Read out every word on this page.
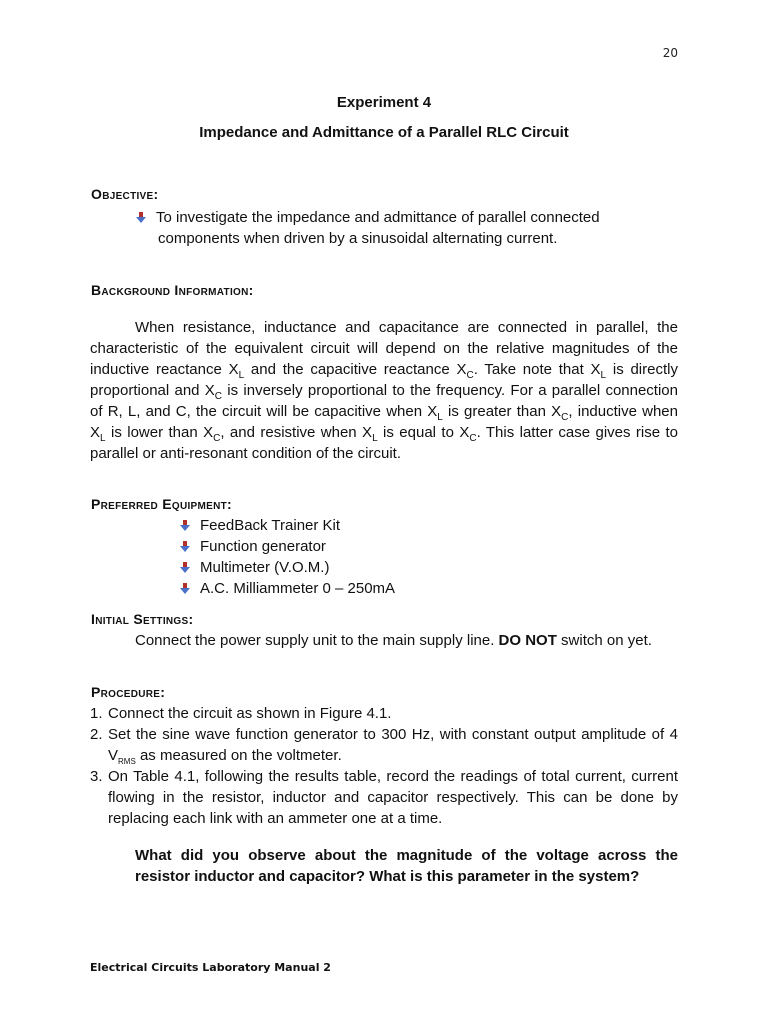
20
Experiment 4
Impedance and Admittance of a Parallel RLC Circuit
Objective:
To investigate the impedance and admittance of parallel connected
components when driven by a sinusoidal alternating current.
Background Information:
When resistance, inductance and capacitance are connected in parallel, the characteristic of the equivalent circuit will depend on the relative magnitudes of the inductive reactance $X_L$ and the capacitive reactance $X_C$. Take note that $X_L$ is directly proportional and $X_C$ is inversely proportional to the frequency. For a parallel connection of R, L, and C, the circuit will be capacitive when $X_L$ is greater than $X_C$, inductive when $X_L$ is lower than $X_C$, and resistive when $X_L$ is equal to $X_C$. This latter case gives rise to parallel or anti-resonant condition of the circuit.
Preferred Equipment:
FeedBack Trainer Kit
Function generator
Multimeter (V.O.M.)
A.C. Milliammeter 0 – 250mA
Initial Settings:
Connect the power supply unit to the main supply line. DO NOT switch on yet.
Procedure:
1. Connect the circuit as shown in Figure 4.1.
2. Set the sine wave function generator to 300 Hz, with constant output amplitude of 4 $V_{RMS}$ as measured on the voltmeter.
3. On Table 4.1, following the results table, record the readings of total current, current flowing in the resistor, inductor and capacitor respectively. This can be done by replacing each link with an ammeter one at a time.
What did you observe about the magnitude of the voltage across the resistor inductor and capacitor? What is this parameter in the system?
Electrical Circuits Laboratory Manual 2
